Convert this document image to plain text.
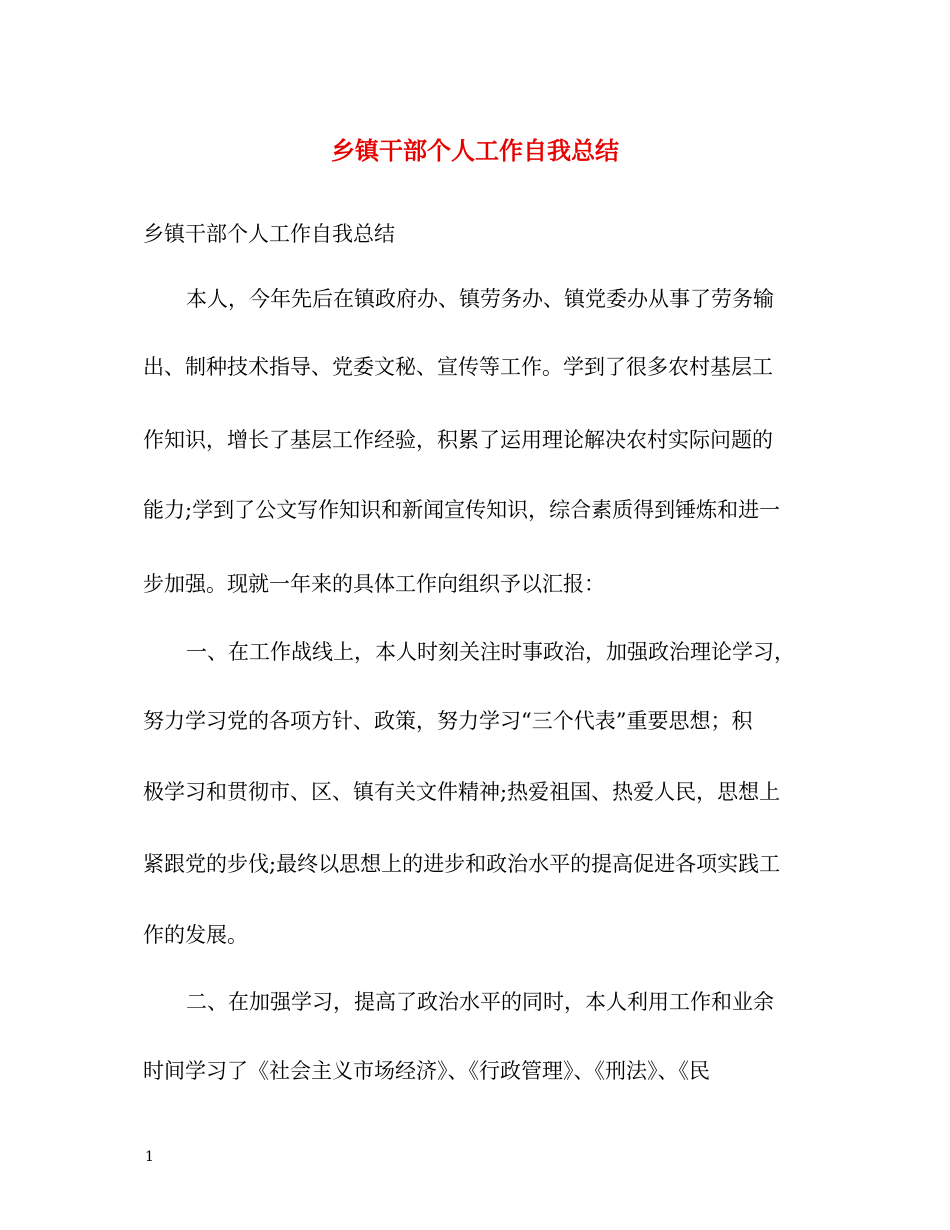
乡镇干部个人工作自我总结
乡镇干部个人工作自我总结
本人，今年先后在镇政府办、镇劳务办、镇党委办从事了劳务输
出、制种技术指导、党委文秘、宣传等工作。学到了很多农村基层工
作知识，增长了基层工作经验，积累了运用理论解决农村实际问题的
能力;学到了公文写作知识和新闻宣传知识，综合素质得到锤炼和进一
步加强。现就一年来的具体工作向组织予以汇报：
一、在工作战线上，本人时刻关注时事政治，加强政治理论学习，
努力学习党的各项方针、政策，努力学习“三个代表”重要思想；积
极学习和贯彻市、区、镇有关文件精神;热爱祖国、热爱人民，思想上
紧跟党的步伐;最终以思想上的进步和政治水平的提高促进各项实践工
作的发展。
二、在加强学习，提高了政治水平的同时，本人利用工作和业余
时间学习了《社会主义市场经济》、《行政管理》、《刑法》、《民
1
